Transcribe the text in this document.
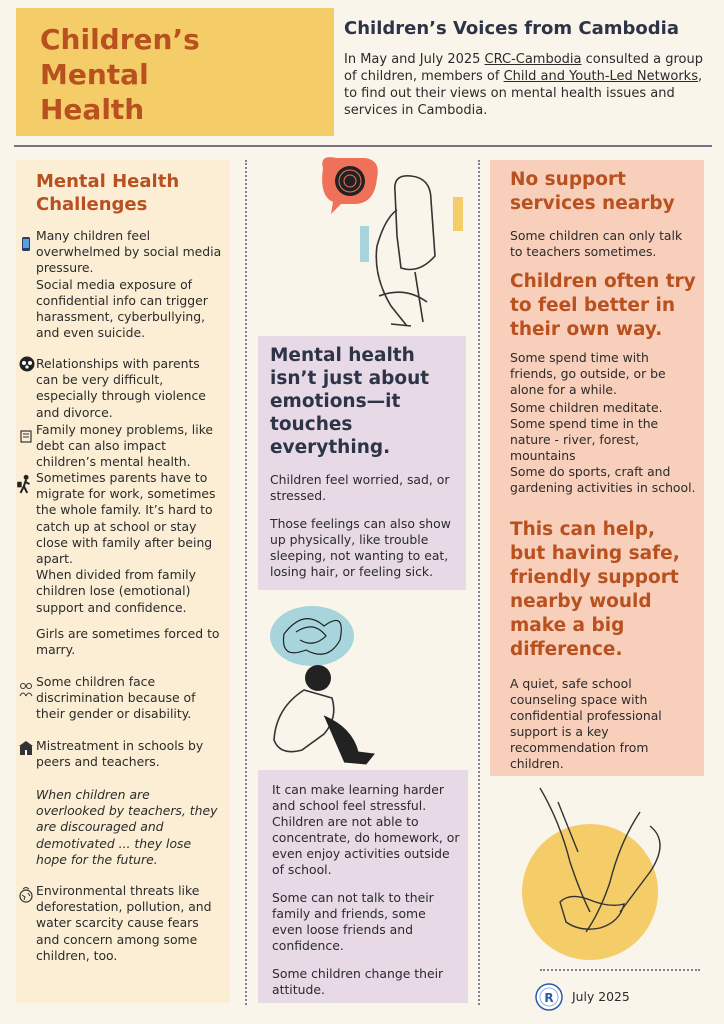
Children’s
Mental
Health
Children’s Voices from Cambodia

In May and July 2025 CRC-Cambodia consulted a group of children, members of Child and Youth-Led Networks, to find out their views on mental health issues and services in Cambodia.

Mental Health Challenges
Many children feel overwhelmed by social media pressure.
Social media exposure of confidential info can trigger harassment, cyberbullying, and even suicide.
Relationships with parents can be very difficult, especially through violence and divorce.
Family money problems, like debt can also impact children’s mental health.
Sometimes parents have to migrate for work, sometimes the whole family. It’s hard to catch up at school or stay close with family after being apart.
When divided from family children lose (emotional) support and confidence.
Girls are sometimes forced to marry.
Some children face discrimination because of their gender or disability.
Mistreatment in schools by peers and teachers.
When children are overlooked by teachers, they are discouraged and demotivated ... they lose hope for the future.
Environmental threats like deforestation, pollution, and water scarcity cause fears and concern among some children, too.
Mental health isn’t just about emotions—it touches everything.

Children feel worried, sad, or stressed.

Those feelings can also show up physically, like trouble sleeping, not wanting to eat, losing hair, or feeling sick.

It can make learning harder and school feel stressful. Children are not able to concentrate, do homework, or even enjoy activities outside of school.

Some can not talk to their family and friends, some even loose friends and confidence.

Some children change their attitude.

No support services nearby

Some children can only talk to teachers sometimes.

Children often try to feel better in their own way.

Some spend time with friends, go outside, or be alone for a while.

Some children meditate.

Some spend time in the nature - river, forest, mountains

Some do sports, craft and gardening activities in school.

This can help, but having safe, friendly support nearby would make a big difference.

A quiet, safe school counseling space with confidential professional support is a key recommendation from children.

R July 2025
